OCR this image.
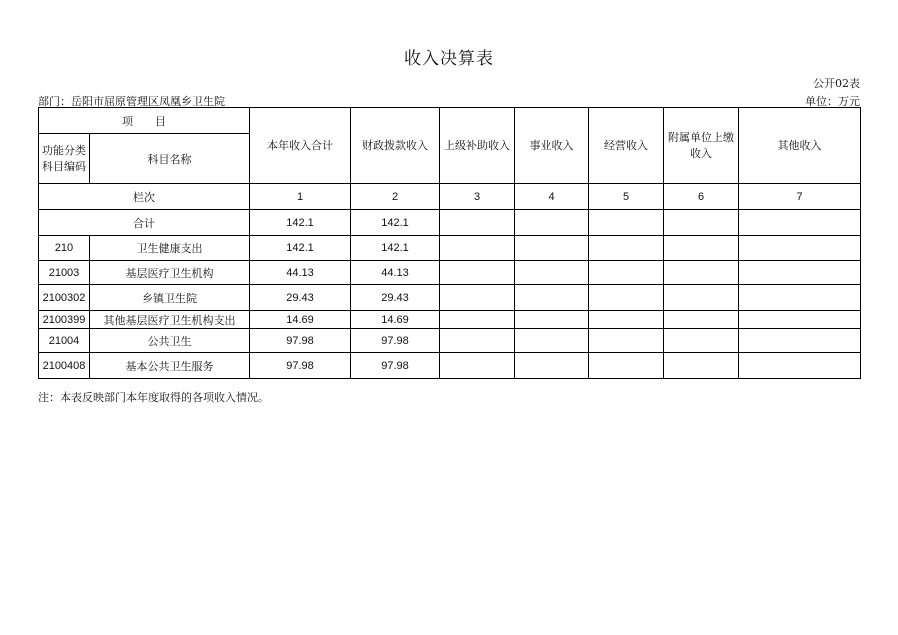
收入决算表
公开02表
部门：岳阳市屈原管理区凤凰乡卫生院	单位：万元
项　　目		本年收入合计	财政拨款收入	上级补助收入	事业收入	经营收入	附属单位上缴收入	其他收入
功能分类科目编码	科目名称							
栏次		1	2	3	4	5	6	7
合计		142.1	142.1					
210	卫生健康支出	142.1	142.1					
21003	基层医疗卫生机构	44.13	44.13					
2100302	乡镇卫生院	29.43	29.43					
2100399	其他基层医疗卫生机构支出	14.69	14.69					
21004	公共卫生	97.98	97.98					
2100408	基本公共卫生服务	97.98	97.98					
注：本表反映部门本年度取得的各项收入情况。
